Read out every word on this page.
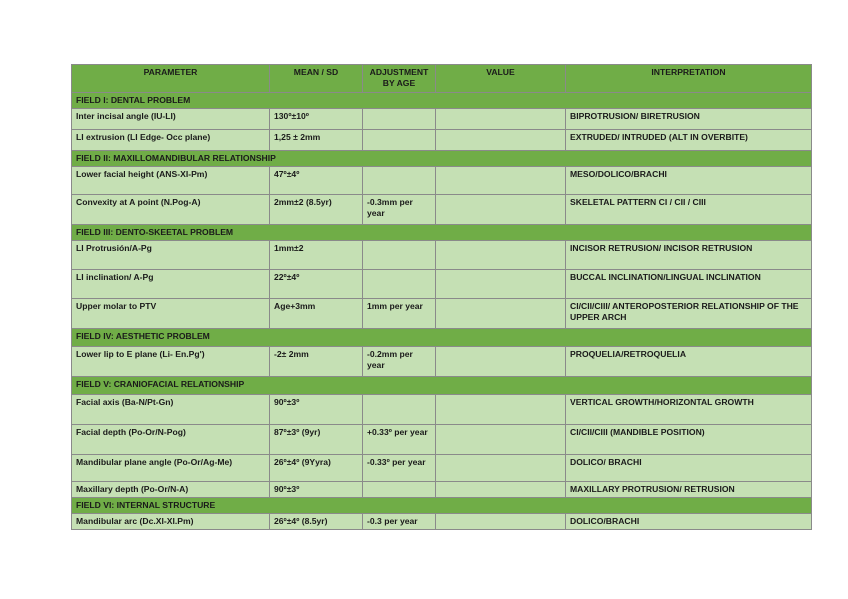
PARAMETER	MEAN / SD	ADJUSTMENT BY AGE	VALUE	INTERPRETATION
FIELD I: DENTAL PROBLEM				
Inter incisal angle (IU-LI)	130º±10º			BIPROTRUSION/ BIRETRUSION
LI extrusion (LI Edge- Occ plane)	1,25 ± 2mm			EXTRUDED/ INTRUDED (ALT IN OVERBITE)
FIELD II: MAXILLOMANDIBULAR RELATIONSHIP				
Lower facial height (ANS-XI-Pm)	47º±4º			MESO/DOLICO/BRACHI
Convexity at A point (N.Pog-A)	2mm±2 (8.5yr)	-0.3mm per year		SKELETAL PATTERN CI / CII / CIII
FIELD III: DENTO-SKEETAL PROBLEM				
LI Protrusión/A-Pg	1mm±2			INCISOR RETRUSION/ INCISOR RETRUSION
LI inclination/ A-Pg	22º±4º			BUCCAL INCLINATION/LINGUAL INCLINATION
Upper molar to PTV	Age+3mm	1mm per year		CI/CII/CIII/ ANTEROPOSTERIOR RELATIONSHIP OF THE UPPER ARCH
FIELD IV: AESTHETIC PROBLEM				
Lower lip to E plane (Li- En.Pg')	-2± 2mm	-0.2mm per year		PROQUELIA/RETROQUELIA
FIELD V: CRANIOFACIAL RELATIONSHIP				
Facial axis (Ba-N/Pt-Gn)	90º±3º			VERTICAL GROWTH/HORIZONTAL GROWTH
Facial depth (Po-Or/N-Pog)	87º±3º (9yr)	+0.33º per year		CI/CII/CIII (MANDIBLE POSITION)
Mandibular plane angle (Po-Or/Ag-Me)	26º±4º (9Yyra)	-0.33º per year		DOLICO/ BRACHI
Maxillary depth (Po-Or/N-A)	90º±3º			MAXILLARY PROTRUSION/ RETRUSION
FIELD VI: INTERNAL STRUCTURE				
Mandibular arc (Dc.XI-XI.Pm)	26º±4º (8.5yr)	-0.3 per year		DOLICO/BRACHI
